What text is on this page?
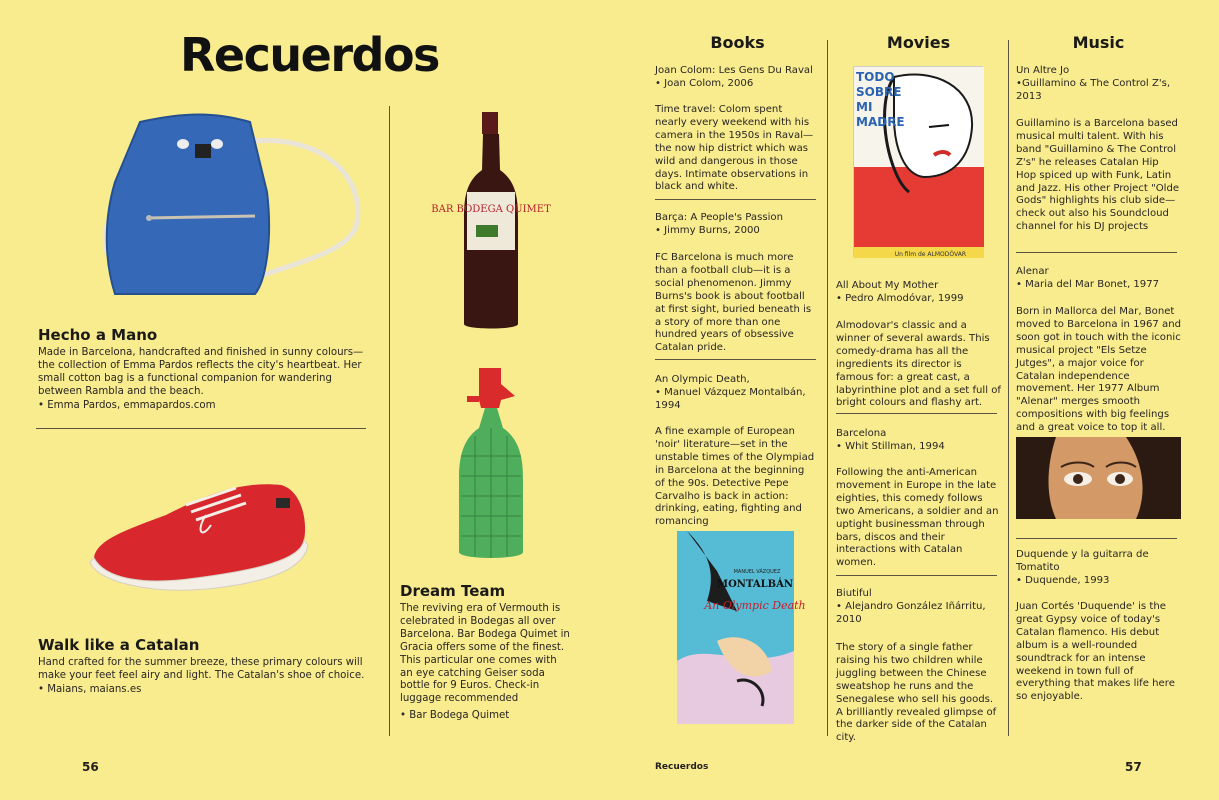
Recuerdos
Hecho a Mano
Made in Barcelona, handcrafted and finished in sunny colours—the collection of Emma Pardos reflects the city's heartbeat. Her small cotton bag is a functional companion for wandering between Rambla and the beach.
• Emma Pardos, emmapardos.com
Walk like a Catalan
Hand crafted for the summer breeze, these primary colours will make your feet feel airy and light. The Catalan's shoe of choice.
• Maians, maians.es
BAR BODEGA QUIMET
Dream Team
The reviving era of Vermouth is celebrated in Bodegas all over Barcelona. Bar Bodega Quimet in Gracia offers some of the finest. This particular one comes with an eye catching Geiser soda bottle for 9 Euros. Check-in luggage recommended
• Bar Bodega Quimet
56
Books
Joan Colom: Les Gens Du Raval
• Joan Colom, 2006
Time travel: Colom spent nearly every weekend with his camera in the 1950s in Raval—the now hip district which was wild and dangerous in those days. Intimate observations in black and white.
Barça: A People's Passion
• Jimmy Burns, 2000
FC Barcelona is much more than a football club—it is a social phenomenon. Jimmy Burns's book is about football at first sight, buried beneath is a story of more than one hundred years of obsessive Catalan pride.
An Olympic Death,
• Manuel Vázquez Montalbán, 1994
A fine example of European 'noir' literature—set in the unstable times of the Olympiad in Barcelona at the beginning of the 90s. Detective Pepe Carvalho is back in action: drinking, eating, fighting and romancing
MANUEL VÁZQUEZ
MONTALBÁN
An Olympic Death
Movies
TODO
SOBRE
MI
MADRE
Un film de ALMODÓVAR
All About My Mother
• Pedro Almodóvar, 1999
Almodovar's classic and a winner of several awards. This comedy-drama has all the ingredients its director is famous for: a great cast, a labyrinthine plot and a set full of bright colours and flashy art.
Barcelona
• Whit Stillman, 1994
Following the anti-American movement in Europe in the late eighties, this comedy follows two Americans, a soldier and an uptight businessman through bars, discos and their interactions with Catalan women.
Biutiful
• Alejandro González Iñárritu, 2010
The story of a single father raising his two children while juggling between the Chinese sweatshop he runs and the Senegalese who sell his goods. A brilliantly revealed glimpse of the darker side of the Catalan city.
Music
Un Altre Jo
•Guillamino & The Control Z's, 2013
Guillamino is a Barcelona based musical multi talent. With his band "Guillamino & The Control Z's" he releases Catalan Hip Hop spiced up with Funk, Latin and Jazz. His other Project "Olde Gods" highlights his club side—check out also his Soundcloud channel for his DJ projects
Alenar
• Maria del Mar Bonet, 1977
Born in Mallorca del Mar, Bonet moved to Barcelona in 1967 and soon got in touch with the iconic musical project "Els Setze Jutges", a major voice for Catalan independence movement. Her 1977 Album "Alenar" merges smooth compositions with big feelings and a great voice to top it all.
Duquende y la guitarra de Tomatito
• Duquende, 1993
Juan Cortés 'Duquende' is the great Gypsy voice of today's Catalan flamenco. His debut album is a well-rounded soundtrack for an intense weekend in town full of everything that makes life here so enjoyable.
Recuerdos	57
